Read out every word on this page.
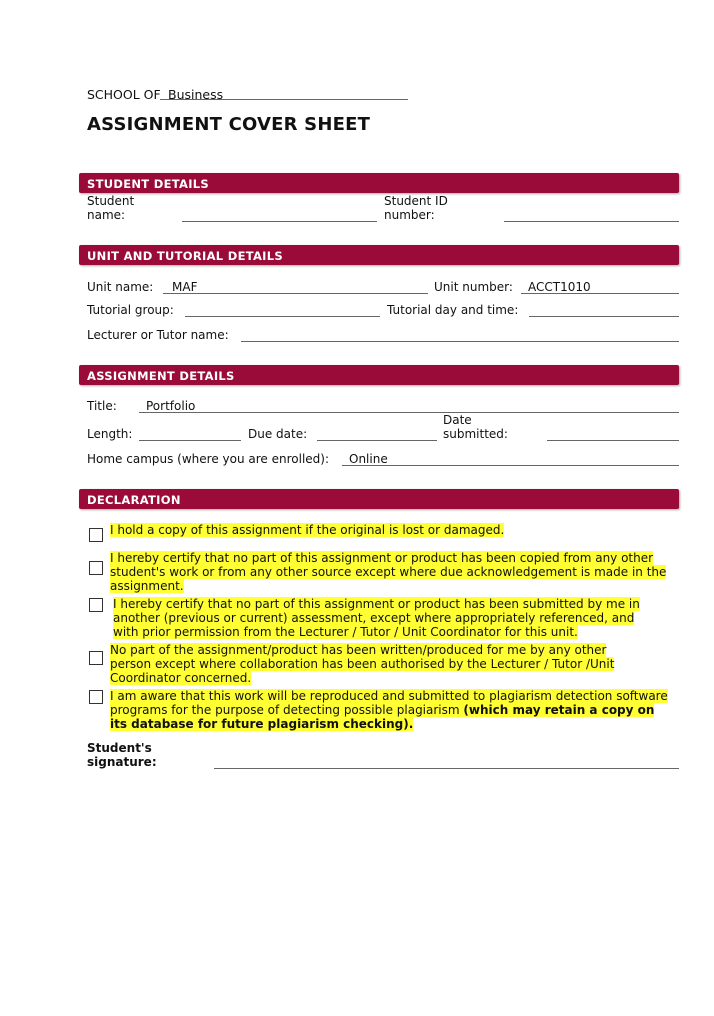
SCHOOL OF Business
ASSIGNMENT COVER SHEET
STUDENT DETAILS
Student
name:
Student ID
number:
UNIT AND TUTORIAL DETAILS
Unit name: MAF	Unit number: ACCT1010
Tutorial group:	Tutorial day and time:
Lecturer or Tutor name:
ASSIGNMENT DETAILS
Title: Portfolio
Length:	Due date:
Date
submitted:
Home campus (where you are enrolled): Online
DECLARATION
I hold a copy of this assignment if the original is lost or damaged.
I hereby certify that no part of this assignment or product has been copied from any other
student's work or from any other source except where due acknowledgement is made in the
assignment.
I hereby certify that no part of this assignment or product has been submitted by me in
another (previous or current) assessment, except where appropriately referenced, and
with prior permission from the Lecturer / Tutor / Unit Coordinator for this unit.
No part of the assignment/product has been written/produced for me by any other
person except where collaboration has been authorised by the Lecturer / Tutor /Unit
Coordinator concerned.
I am aware that this work will be reproduced and submitted to plagiarism detection software
programs for the purpose of detecting possible plagiarism (which may retain a copy on
its database for future plagiarism checking).
Student's
signature:
